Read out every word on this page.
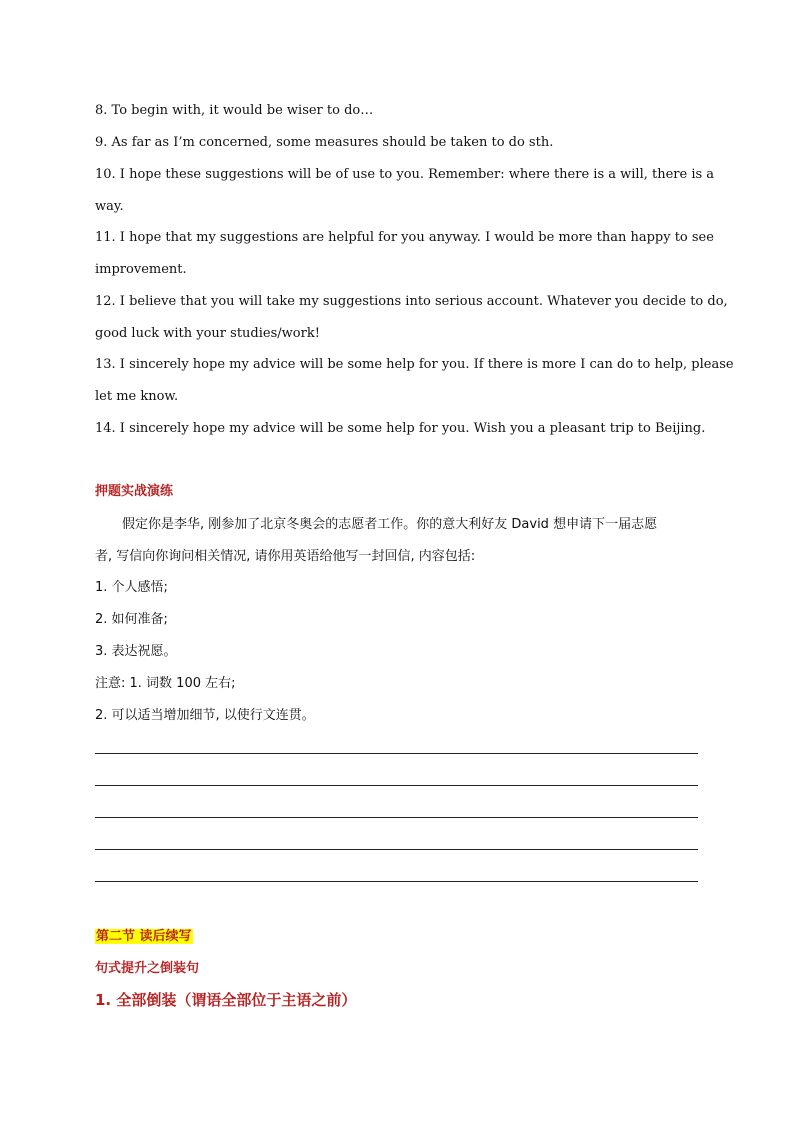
8. To begin with, it would be wiser to do…
9. As far as I’m concerned, some measures should be taken to do sth.
10. I hope these suggestions will be of use to you. Remember: where there is a will, there is a
way.
11. I hope that my suggestions are helpful for you anyway. I would be more than happy to see
improvement.
12. I believe that you will take my suggestions into serious account. Whatever you decide to do,
good luck with your studies/work!
13. I sincerely hope my advice will be some help for you. If there is more I can do to help, please
let me know.
14. I sincerely hope my advice will be some help for you. Wish you a pleasant trip to Beijing.
押题实战演练
假定你是李华, 刚参加了北京冬奥会的志愿者工作。你的意大利好友 David 想申请下一届志愿
者, 写信向你询问相关情况, 请你用英语给他写一封回信, 内容包括:
1. 个人感悟;
2. 如何准备;
3. 表达祝愿。
注意: 1. 词数 100 左右;
2. 可以适当增加细节, 以使行文连贯。
第二节 读后续写
句式提升之倒装句
1. 全部倒装（谓语全部位于主语之前）
